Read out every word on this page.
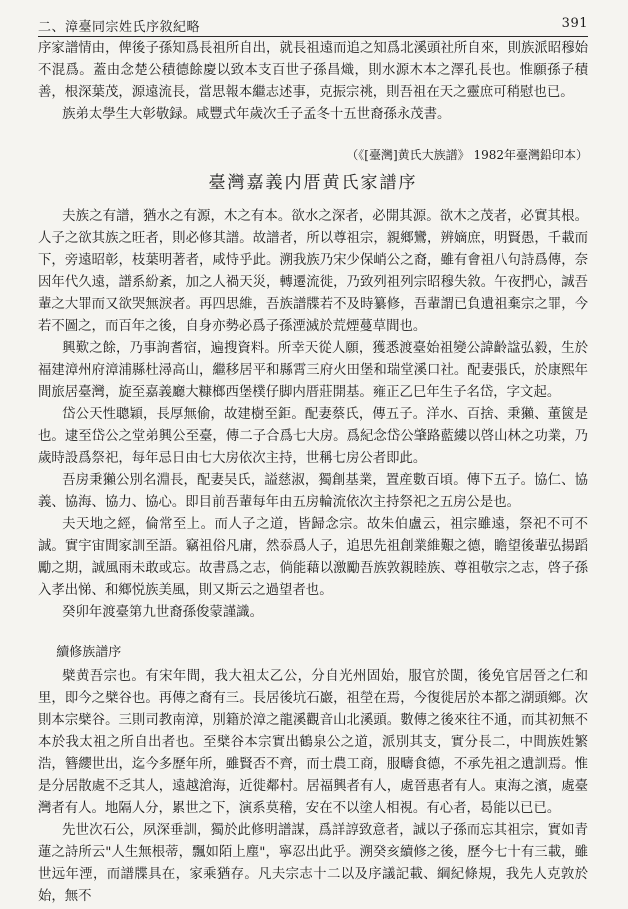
二、漳臺同宗姓氏序敘紀略	391

序家譜情由，俾後子孫知爲長祖所自出，就長祖遠而追之知爲北溪頭社所自來，則族派昭穆始不混爲。蓋由念楚公積德餘慶以致本支百世子孫昌熾，則水源木本之澤孔長也。惟願孫子積善，根深葉茂，源遠流長，當思報本繼志述事，克振宗祧，則吾祖在天之靈庶可稍慰也已。

族弟太學生大彰敬録。咸豐式年歲次壬子孟冬十五世裔孫永茂書。

（《[臺灣]黄氏大族譜》 1982年臺灣鉛印本）
臺灣嘉義内厝黄氏家譜序

夫族之有譜，猶水之有源，木之有本。欲水之深者，必開其源。欲木之茂者，必實其根。人子之欲其族之旺者，則必修其譜。故譜者，所以尊祖宗，親鄉鸞，辨嫡庶，明賢愚，千載而下，旁遠昭彰，枝葉明著者，咸恃乎此。溯我族乃宋少保峭公之裔，雖有會祖八句詩爲傳，奈因年代久遠，譜系紛紊，加之人禍天災，轉遷流徙，乃致列祖列宗昭穆失敘。午夜捫心，誠吾輩之大罪而又欲哭無淚者。再四思維，吾族譜牒若不及時纂修，吾輩謂已負遺祖棄宗之罪，今若不圖之，而百年之後，自身亦勢必爲子孫湮滅於荒煙蔓草間也。

興歎之餘，乃事詢耆宿，遍搜資料。所幸天從人願，獲悉渡臺始祖變公諱齡諡弘毅，生於福建漳州府漳浦縣杜潯高山，繼移居平和縣霄三府火田堡和瑞堂溪口社。配妻張氏，於康熙年間旅居臺灣，旋至嘉義廳大糠榔西堡樸仔脚内厝莊開基。雍正乙巳年生子名岱，字文起。

岱公天性聰穎，長厚無偷，故建樹至鉅。配妻蔡氏，傳五子。洋水、百捨、秉獺、董篋是也。逮至岱公之堂弟興公至臺，傳二子合爲七大房。爲紀念岱公肇路藍縷以啓山林之功業，乃歲時設爲祭祀，每年忌日由七大房依次主持，世稱七房公者即此。

吾房秉獺公別名淵長，配妻吴氏，謚慈淑，獨創基業，置産數百頃。傳下五子。協仁、協義、協海、協力、協心。即目前吾輩每年由五房輪流依次主持祭祀之五房公是也。

夫天地之經，倫常至上。而人子之道，皆歸念宗。故朱伯盧云，祖宗雖遠，祭祀不可不誠。實宇宙間家訓至語。竊祖俗凡庸，然忝爲人子，追思先祖創業維艱之德，瞻望後輩弘揚蹈勵之期，誠風雨未敢或忘。故書爲之志，倘能藉以激勵吾族敦親睦族、尊祖敬宗之志，啓子孫入孝出悌、和鄉悦族美風，則又斯云之過望者也。

癸卯年渡臺第九世裔孫俊蒙謹識。

續修族譜序

檗黄吾宗也。有宋年間，我大祖太乙公，分自光州固始，服官於閩，後免官居晉之仁和里，即今之檗谷也。再傳之裔有三。長居後坑石巖，祖塋在焉，今復徙居於本都之湖頭鄉。次則本宗檗谷。三則司教南漳，別籍於漳之龍溪觀音山北溪頭。數傳之後來往不通，而其初無不本於我太祖之所自出者也。至檗谷本宗實出鶴泉公之道，派別其支，實分長二，中間族姓繁浩，簪纓世出，迄今多歷年所，雖賢否不齊，而士農工商，服疇食德，不承先祖之遺訓焉。惟是分居散處不乏其人，遠越滄海，近徙鄰村。居福興者有人，處晉惠者有人。東海之濱，處臺灣者有人。地隔人分，累世之下，演系莫稽，安在不以塗人相視。有心者，曷能以已已。

先世次石公，夙深垂訓，獨於此修明譜謀，爲詳諄致意者，誠以子孫而忘其祖宗，實如青蓮之詩所云"人生無根蒂，飄如陌上塵"，寧忍出此乎。溯癸亥續修之後，歷今七十有三載，雖世远年湮，而譜牒具在，家乘猶存。凡夫宗志十二以及序議記載、綱紀條規，我先人克敦於始，無不
